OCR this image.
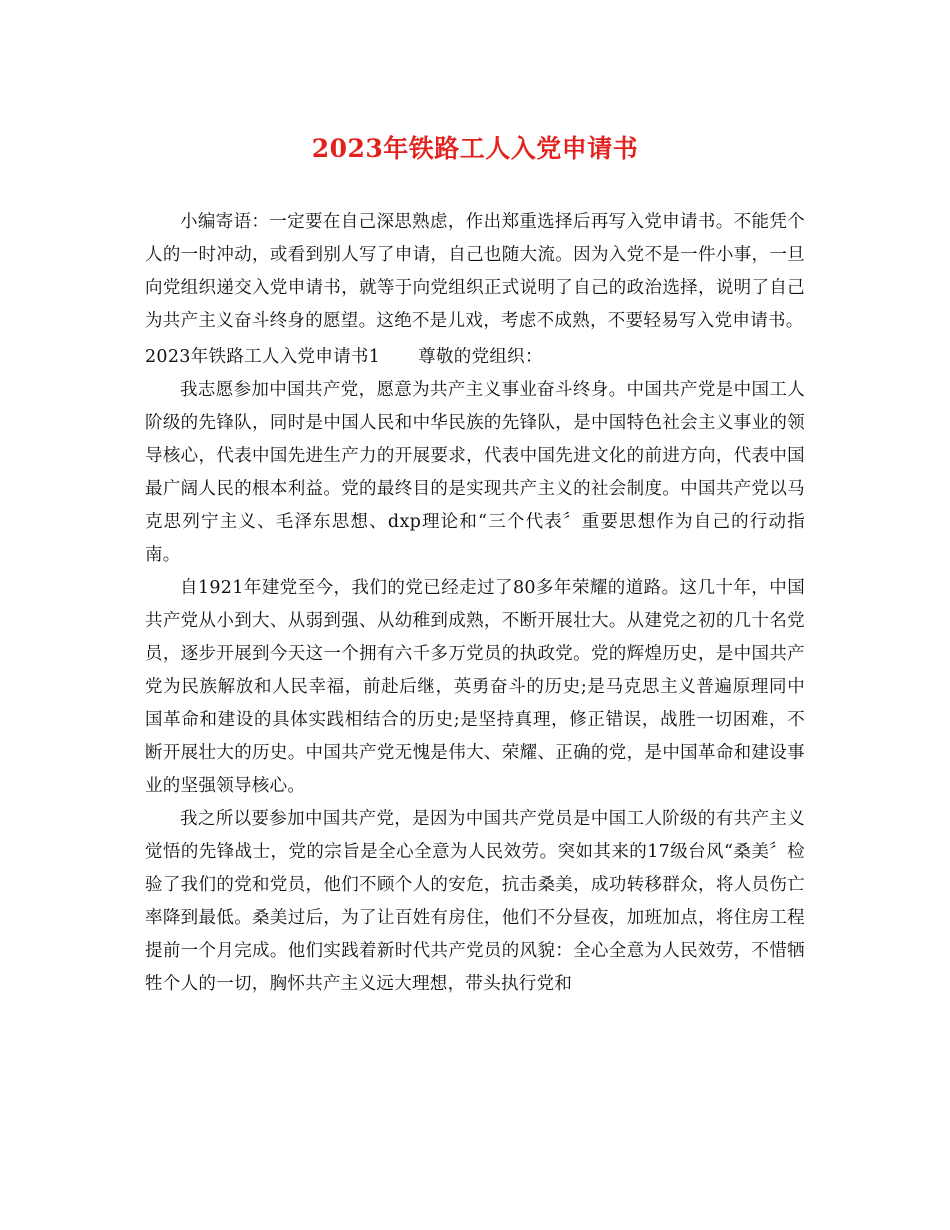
2023年铁路工人入党申请书

小编寄语：一定要在自己深思熟虑，作出郑重选择后再写入党申请书。不能凭个人的一时冲动，或看到别人写了申请，自己也随大流。因为入党不是一件小事，一旦向党组织递交入党申请书，就等于向党组织正式说明了自己的政治选择，说明了自己为共产主义奋斗终身的愿望。这绝不是儿戏，考虑不成熟，不要轻易写入党申请书。

2023年铁路工人入党申请书1 尊敬的党组织：

我志愿参加中国共产党，愿意为共产主义事业奋斗终身。中国共产党是中国工人阶级的先锋队，同时是中国人民和中华民族的先锋队，是中国特色社会主义事业的领导核心，代表中国先进生产力的开展要求，代表中国先进文化的前进方向，代表中国最广阔人民的根本利益。党的最终目的是实现共产主义的社会制度。中国共产党以马克思列宁主义、毛泽东思想、dxp理论和“三个代表〞重要思想作为自己的行动指南。

自1921年建党至今，我们的党已经走过了80多年荣耀的道路。这几十年，中国共产党从小到大、从弱到强、从幼稚到成熟，不断开展壮大。从建党之初的几十名党员，逐步开展到今天这一个拥有六千多万党员的执政党。党的辉煌历史，是中国共产党为民族解放和人民幸福，前赴后继，英勇奋斗的历史;是马克思主义普遍原理同中国革命和建设的具体实践相结合的历史;是坚持真理，修正错误，战胜一切困难，不断开展壮大的历史。中国共产党无愧是伟大、荣耀、正确的党，是中国革命和建设事业的坚强领导核心。

我之所以要参加中国共产党，是因为中国共产党员是中国工人阶级的有共产主义觉悟的先锋战士，党的宗旨是全心全意为人民效劳。突如其来的17级台风“桑美〞检验了我们的党和党员，他们不顾个人的安危，抗击桑美，成功转移群众，将人员伤亡率降到最低。桑美过后，为了让百姓有房住，他们不分昼夜，加班加点，将住房工程提前一个月完成。他们实践着新时代共产党员的风貌：全心全意为人民效劳，不惜牺牲个人的一切，胸怀共产主义远大理想，带头执行党和
